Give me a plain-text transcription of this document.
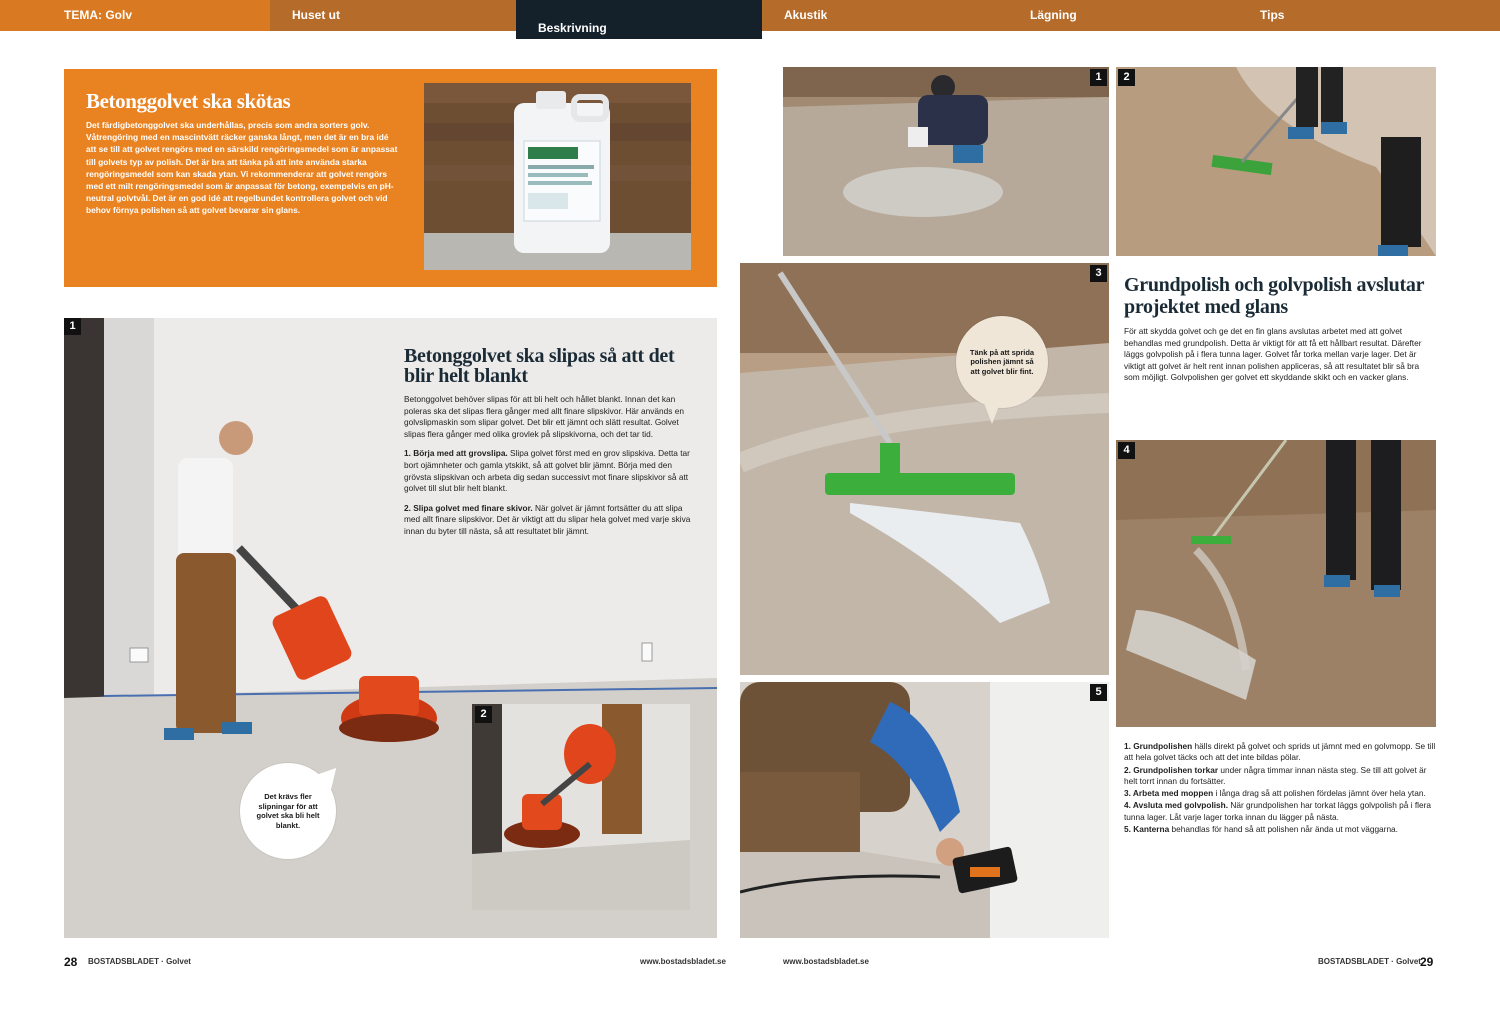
TEMA: Golv	Huset ut
Beskrivning
Akustik	Lägning	Tips
Betonggolvet ska skötas

Det färdigbetonggolvet ska underhållas, precis som andra sorters golv. Våtrengöring med en mascintvätt räcker ganska långt, men det är en bra idé att se till att golvet rengörs med en särskild rengöringsmedel som är anpassat till golvets typ av polish. Det är bra att tänka på att inte använda starka rengöringsmedel som kan skada ytan. Vi rekommenderar att golvet rengörs med ett milt rengöringsmedel som är anpassat för betong, exempelvis en pH-neutral golvtvål. Det är en god idé att regelbundet kontrollera golvet och vid behov förnya polishen så att golvet bevarar sin glans.

1
2
Det krävs fler slipningar för att golvet ska bli helt blankt.
Betonggolvet ska slipas så att det blir helt blankt

Betonggolvet behöver slipas för att bli helt och hållet blankt. Innan det kan poleras ska det slipas flera gånger med allt finare slipskivor. Här används en golvslipmaskin som slipar golvet. Det blir ett jämnt och slätt resultat. Golvet slipas flera gånger med olika grovlek på slipskivorna, och det tar tid.

1. Börja med att grovslipa. Slipa golvet först med en grov slipskiva. Detta tar bort ojämnheter och gamla ytskikt, så att golvet blir jämnt. Börja med den grövsta slipskivan och arbeta dig sedan successivt mot finare slipskivor så att golvet till slut blir helt blankt.

2. Slipa golvet med finare skivor. När golvet är jämnt fortsätter du att slipa med allt finare slipskivor. Det är viktigt att du slipar hela golvet med varje skiva innan du byter till nästa, så att resultatet blir jämnt.

1	2
3
Tänk på att sprida polishen jämnt så att golvet blir fint.
4
5
Grundpolish och golvpolish avslutar projektet med glans

För att skydda golvet och ge det en fin glans avslutas arbetet med att golvet behandlas med grundpolish. Detta är viktigt för att få ett hållbart resultat. Därefter läggs golvpolish på i flera tunna lager. Golvet får torka mellan varje lager. Det är viktigt att golvet är helt rent innan polishen appliceras, så att resultatet blir så bra som möjligt. Golvpolishen ger golvet ett skyddande skikt och en vacker glans.

1. Grundpolishen hälls direkt på golvet och sprids ut jämnt med en golvmopp. Se till att hela golvet täcks och att det inte bildas pölar.

2. Grundpolishen torkar under några timmar innan nästa steg. Se till att golvet är helt torrt innan du fortsätter.

3. Arbeta med moppen i långa drag så att polishen fördelas jämnt över hela ytan.

4. Avsluta med golvpolish. När grundpolishen har torkat läggs golvpolish på i flera tunna lager. Låt varje lager torka innan du lägger på nästa.

5. Kanterna behandlas för hand så att polishen når ända ut mot väggarna.

28 BOSTADSBLADET · Golvet	www.bostadsbladet.se	www.bostadsbladet.se	BOSTADSBLADET · Golvet 29
